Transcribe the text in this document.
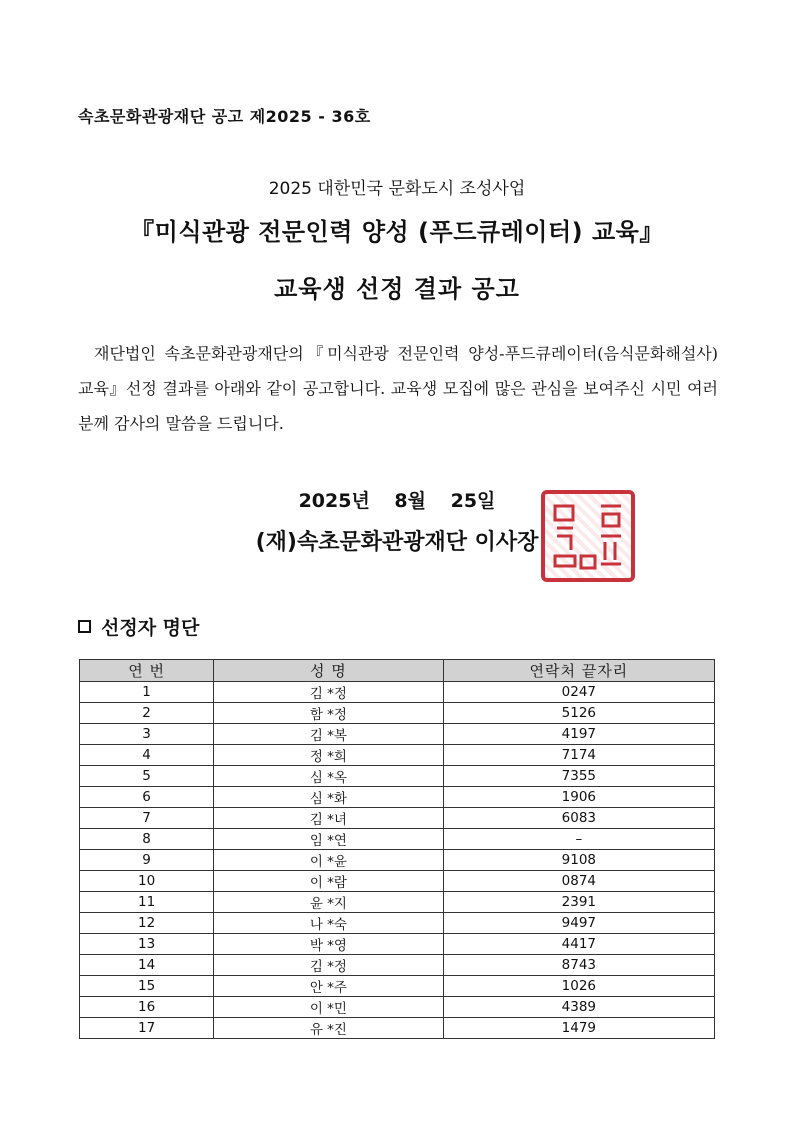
속초문화관광재단 공고 제2025 - 36호
2025 대한민국 문화도시 조성사업
『미식관광 전문인력 양성 (푸드큐레이터) 교육』
교육생 선정 결과 공고

재단법인 속초문화관광재단의『미식관광 전문인력 양성-푸드큐레이터(음식문화해설사) 교육』선정 결과를 아래와 같이 공고합니다. 교육생 모집에 많은 관심을 보여주신 시민 여러분께 감사의 말씀을 드립니다.

2025년 8월 25일
(재)속초문화관광재단 이사장
선정자 명단
연 번	성 명	연락처 끝자리
1	김 *정	0247
2	함 *정	5126
3	김 *복	4197
4	정 *희	7174
5	심 *옥	7355
6	심 *화	1906
7	김 *녀	6083
8	임 *연	–
9	이 *윤	9108
10	이 *람	0874
11	윤 *지	2391
12	나 *숙	9497
13	박 *영	4417
14	김 *정	8743
15	안 *주	1026
16	이 *민	4389
17	유 *진	1479
